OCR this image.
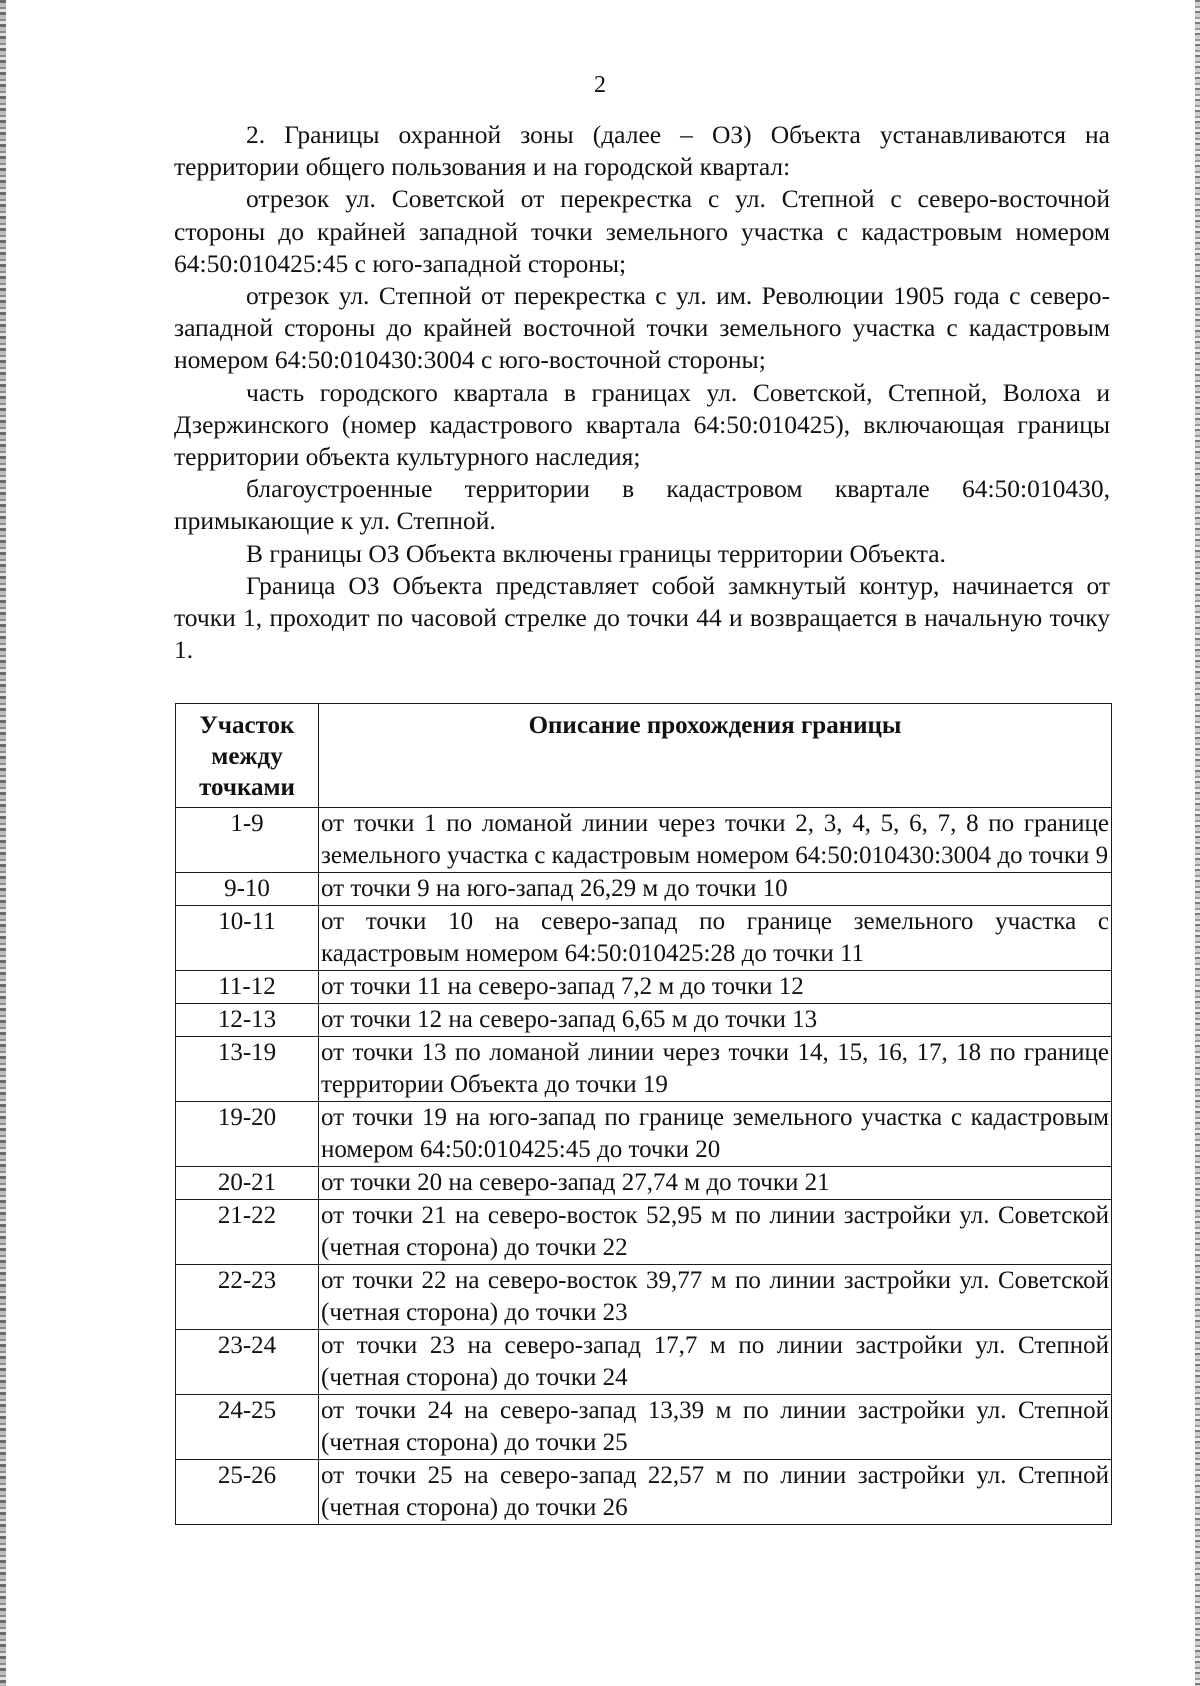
2

2. Границы охранной зоны (далее – ОЗ) Объекта устанавливаются на территории общего пользования и на городской квартал:

отрезок ул. Советской от перекрестка с ул. Степной с северо-восточной стороны до крайней западной точки земельного участка с кадастровым номером 64:50:010425:45 с юго-западной стороны;

отрезок ул. Степной от перекрестка с ул. им. Революции 1905 года с северо-западной стороны до крайней восточной точки земельного участка с кадастровым номером 64:50:010430:3004 с юго-восточной стороны;

часть городского квартала в границах ул. Советской, Степной, Волоха и Дзержинского (номер кадастрового квартала 64:50:010425), включающая границы территории объекта культурного наследия;

благоустроенные территории в кадастровом квартале 64:50:010430, примыкающие к ул. Степной.

В границы ОЗ Объекта включены границы территории Объекта.

Граница ОЗ Объекта представляет собой замкнутый контур, начинается от точки 1, проходит по часовой стрелке до точки 44 и возвращается в начальную точку 1.

Участок между точками	Описание прохождения границы
1-9	от точки 1 по ломаной линии через точки 2, 3, 4, 5, 6, 7, 8 по границе земельного участка с кадастровым номером 64:50:010430:3004 до точки 9
9-10	от точки 9 на юго-запад 26,29 м до точки 10
10-11	от точки 10 на северо-запад по границе земельного участка с кадастровым номером 64:50:010425:28 до точки 11
11-12	от точки 11 на северо-запад 7,2 м до точки 12
12-13	от точки 12 на северо-запад 6,65 м до точки 13
13-19	от точки 13 по ломаной линии через точки 14, 15, 16, 17, 18 по границе территории Объекта до точки 19
19-20	от точки 19 на юго-запад по границе земельного участка с кадастровым номером 64:50:010425:45 до точки 20
20-21	от точки 20 на северо-запад 27,74 м до точки 21
21-22	от точки 21 на северо-восток 52,95 м по линии застройки ул. Советской (четная сторона) до точки 22
22-23	от точки 22 на северо-восток 39,77 м по линии застройки ул. Советской (четная сторона) до точки 23
23-24	от точки 23 на северо-запад 17,7 м по линии застройки ул. Степной (четная сторона) до точки 24
24-25	от точки 24 на северо-запад 13,39 м по линии застройки ул. Степной (четная сторона) до точки 25
25-26	от точки 25 на северо-запад 22,57 м по линии застройки ул. Степной (четная сторона) до точки 26
